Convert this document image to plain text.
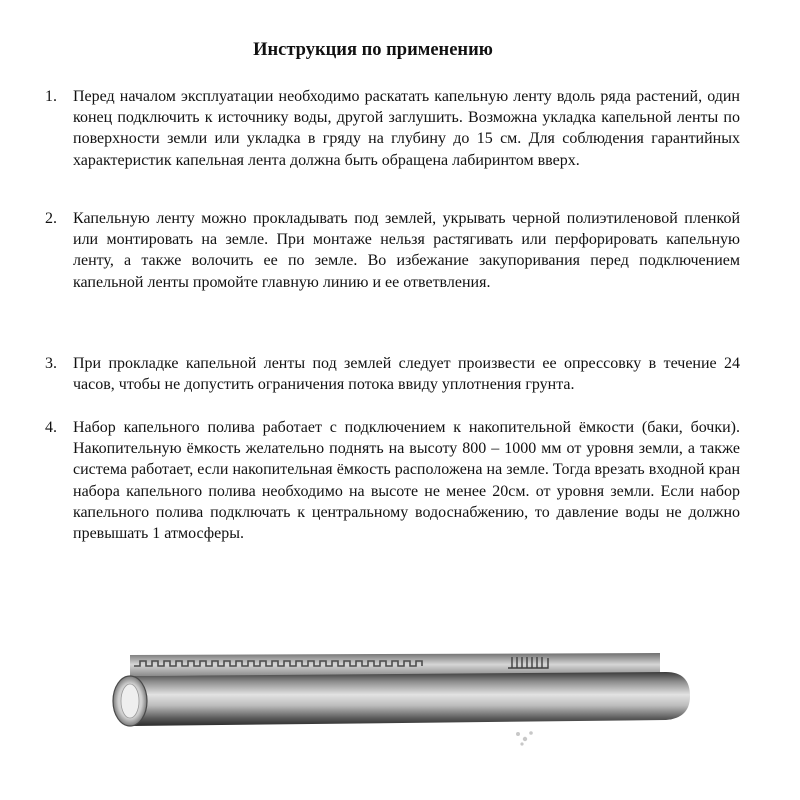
Инструкция по применению
1. Перед началом эксплуатации необходимо раскатать капельную ленту вдоль ряда растений, один конец подключить к источнику воды, другой заглушить. Возможна укладка капельной ленты по поверхности земли или укладка в гряду на глубину до 15 см. Для соблюдения гарантийных характеристик капельная лента должна быть обращена лабиринтом вверх.

2. Капельную ленту можно прокладывать под землей, укрывать черной полиэтиленовой пленкой или монтировать на земле. При монтаже нельзя растягивать или перфорировать капельную ленту, а также волочить ее по земле. Во избежание закупоривания перед подключением капельной ленты промойте главную линию и ее ответвления.

3. При прокладке капельной ленты под землей следует произвести ее опрессовку в течение 24 часов, чтобы не допустить ограничения потока ввиду уплотнения грунта.

4. Набор капельного полива работает с подключением к накопительной ёмкости (баки, бочки). Накопительную ёмкость желательно поднять на высоту 800 – 1000 мм от уровня земли, а также система работает, если накопительная ёмкость расположена на земле. Тогда врезать входной кран набора капельного полива необходимо на высоте не менее 20см. от уровня земли. Если набор капельного полива подключать к центральному водоснабжению, то давление воды не должно превышать 1 атмосферы.
